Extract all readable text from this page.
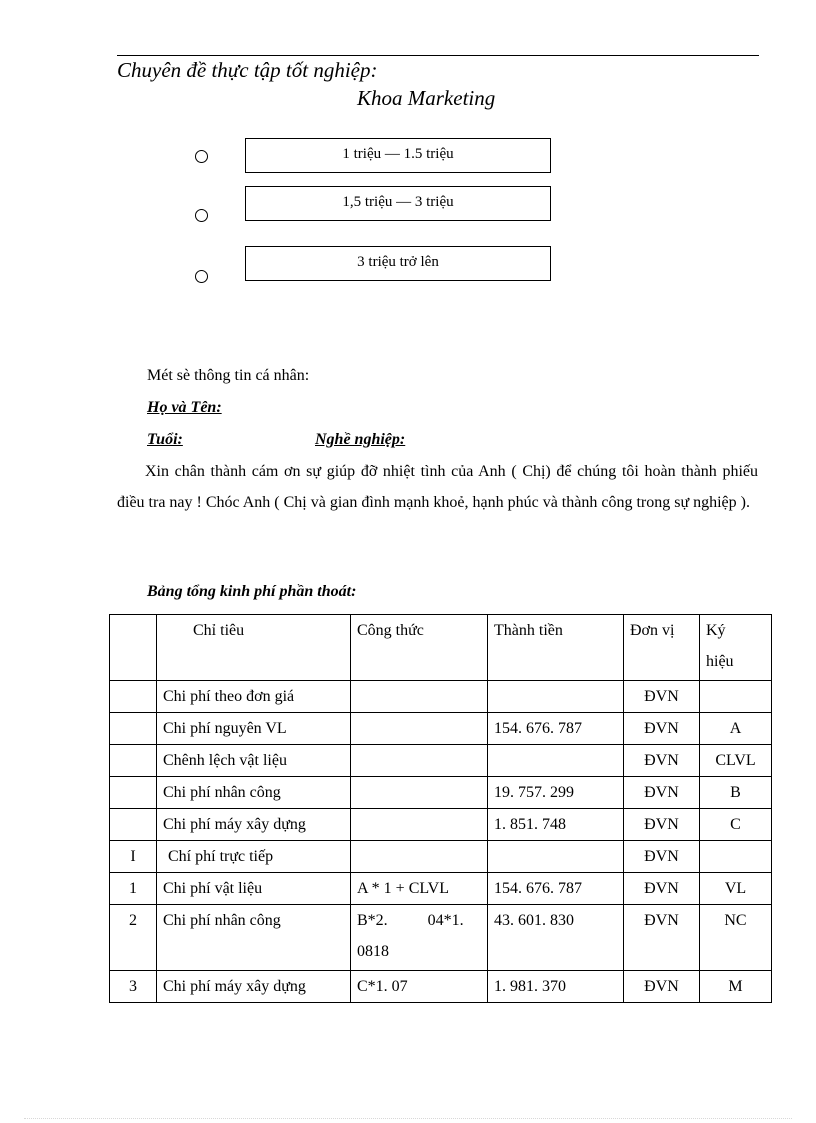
Chuyên đề thực tập tốt nghiệp:
Khoa Marketing
1 triệu — 1.5 triệu
1,5 triệu — 3 triệu
3 triệu trở lên
Mét sè thông tin cá nhân:
Họ và Tên:
Tuổi:	Nghề nghiệp:
Xin chân thành cám ơn sự giúp đỡ nhiệt tình của Anh ( Chị) để chúng tôi hoàn thành phiếu điều tra nay ! Chóc Anh ( Chị và gian đình mạnh khoẻ, hạnh phúc và thành công trong sự nghiệp ).
Bảng tổng kinh phí phần thoát:
	Chỉ tiêu	Công thức	Thành tiền	Đơn vị	Ký hiệu
	Chi phí theo đơn giá			ĐVN	
	Chi phí nguyên VL		154. 676. 787	ĐVN	A
	Chênh lệch vật liệu			ĐVN	CLVL
	Chi phí nhân công		19. 757. 299	ĐVN	B
	Chi phí máy xây dựng		1. 851. 748	ĐVN	C
I	Chí phí trực tiếp			ĐVN	
1	Chi phí vật liệu	A * 1 + CLVL	154. 676. 787	ĐVN	VL
2	Chi phí nhân công	B*2. 04*1. 0818	43. 601. 830	ĐVN	NC
3	Chi phí máy xây dựng	C*1. 07	1. 981. 370	ĐVN	M
